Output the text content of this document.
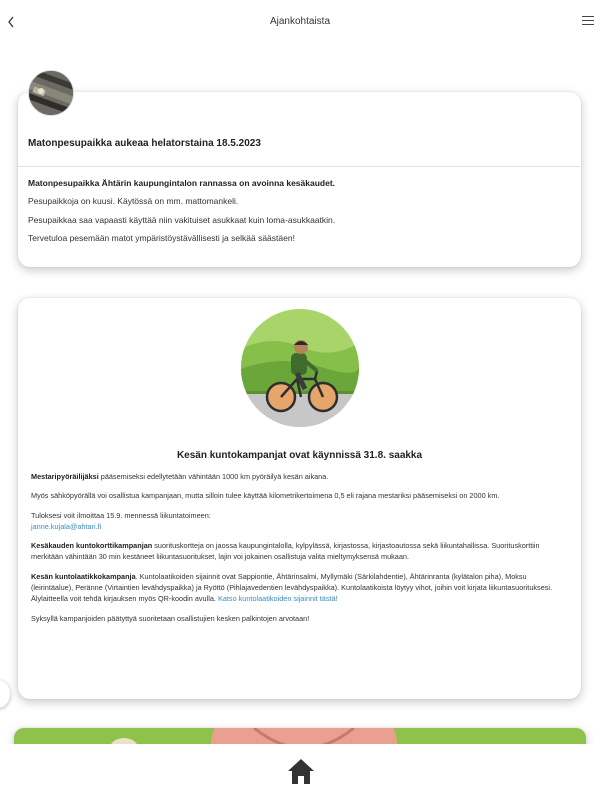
Ajankohtaista
Matonpesupaikka aukeaa helatorstaina 18.5.2023

Matonpesupaikka Ähtärin kaupungintalon rannassa on avoinna kesäkaudet.

Pesupaikkoja on kuusi. Käytössä on mm. mattomankeli.

Pesupaikkaa saa vapaasti käyttää niin vakituiset asukkaat kuin loma-asukkaatkin.

Tervetuloa pesemään matot ympäristöystävällisesti ja selkää säästäen!

Kesän kuntokampanjat ovat käynnissä 31.8. saakka

Mestaripyöräilijäksi pääsemiseksi edellytetään vähintään 1000 km pyöräilyä kesän aikana.

Myös sähköpyörällä voi osallistua kampanjaan, mutta silloin tulee käyttää kilometrikertoimena 0,5 eli rajana mestariksi pääsemiseksi on 2000 km.

Tuloksesi voit ilmoittaa 15.9. mennessä liikuntatoimeen:
janne.kujala@ahtari.fi

Kesäkauden kuntokorttikampanjan suorituskortteja on jaossa kaupungintalolla, kylpylässä, kirjastossa, kirjastoautossa sekä liikuntahallissa. Suorituskorttiin merkitään vähintään 30 min kestäneet liikuntasuoritukset, lajin voi jokainen osallistuja valita mieltymyksensä mukaan.

Kesän kuntolaatikkokampanja. Kuntolaatikoiden sijainnit ovat Sappiontie, Ähtärinsalmi, Myllymäki (Särkilahdentie), Ähtärinranta (kylätalon piha), Moksu (leirintäalue), Peränne (Virtaintien levähdyspaikka) ja Ryöttö (Pihlajavedentien levähdyspaikka). Kuntolaatikoista löytyy vihot, joihin voit kirjata liikuntasuorituksesi. Älylaitteella voit tehdä kirjauksen myös QR-koodin avulla. Katso kuntolaatikoiden sijainnit tästä!

Syksyllä kampanjoiden päätyttyä suoritetaan osallistujien kesken palkintojen arvotaan!
